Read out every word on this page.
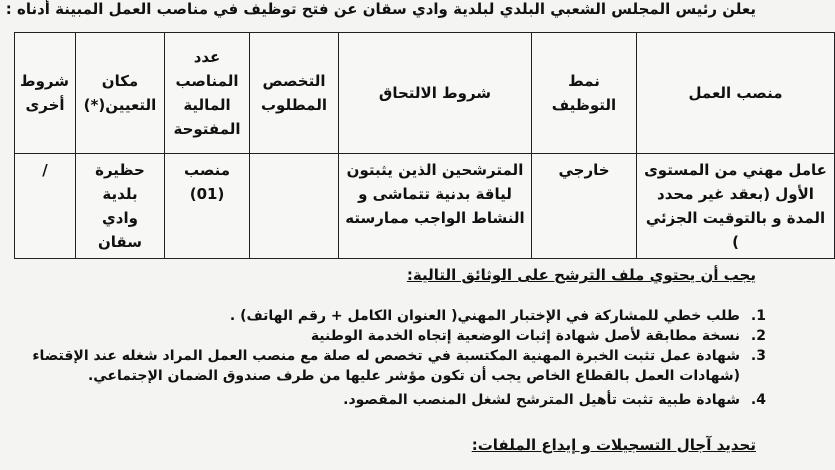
يعلن رئيس المجلس الشعبي البلدي لبلدية وادي سقان عن فتح توظيف في مناصب العمل المبينة أدناه :
منصب العمل	نمط التوظيف	شروط الالتحاق	التخصص المطلوب	عدد المناصب المالية المفتوحة	مكان التعيين(*)	شروط أخرى
عامل مهني من المستوى الأول (بعقد غير محدد المدة و بالتوقيت الجزئي )	خارجي	المترشحين الذين يثبتون لياقة بدنية تتماشى و النشاط الواجب ممارسته		منصب (01)	حظيرة بلدية وادي سقان	/
يجب أن يحتوي ملف الترشح على الوثائق التالية:
1.
طلب خطي للمشاركة في الإختبار المهني( العنوان الكامل + رقم الهاتف) .
2.
نسخة مطابقة لأصل شهادة إثبات الوضعية إتجاه الخدمة الوطنية
3.
شهادة عمل تثبت الخبرة المهنية المكتسبة في تخصص له صلة مع منصب العمل المراد شغله عند الإقتضاء
(شهادات العمل بالقطاع الخاص يجب أن تكون مؤشر عليها من طرف صندوق الضمان الإجتماعي.
4.
شهادة طبية تثبت تأهيل المترشح لشغل المنصب المقصود.
تحديد آجال التسجيلات و إيداع الملفات:
